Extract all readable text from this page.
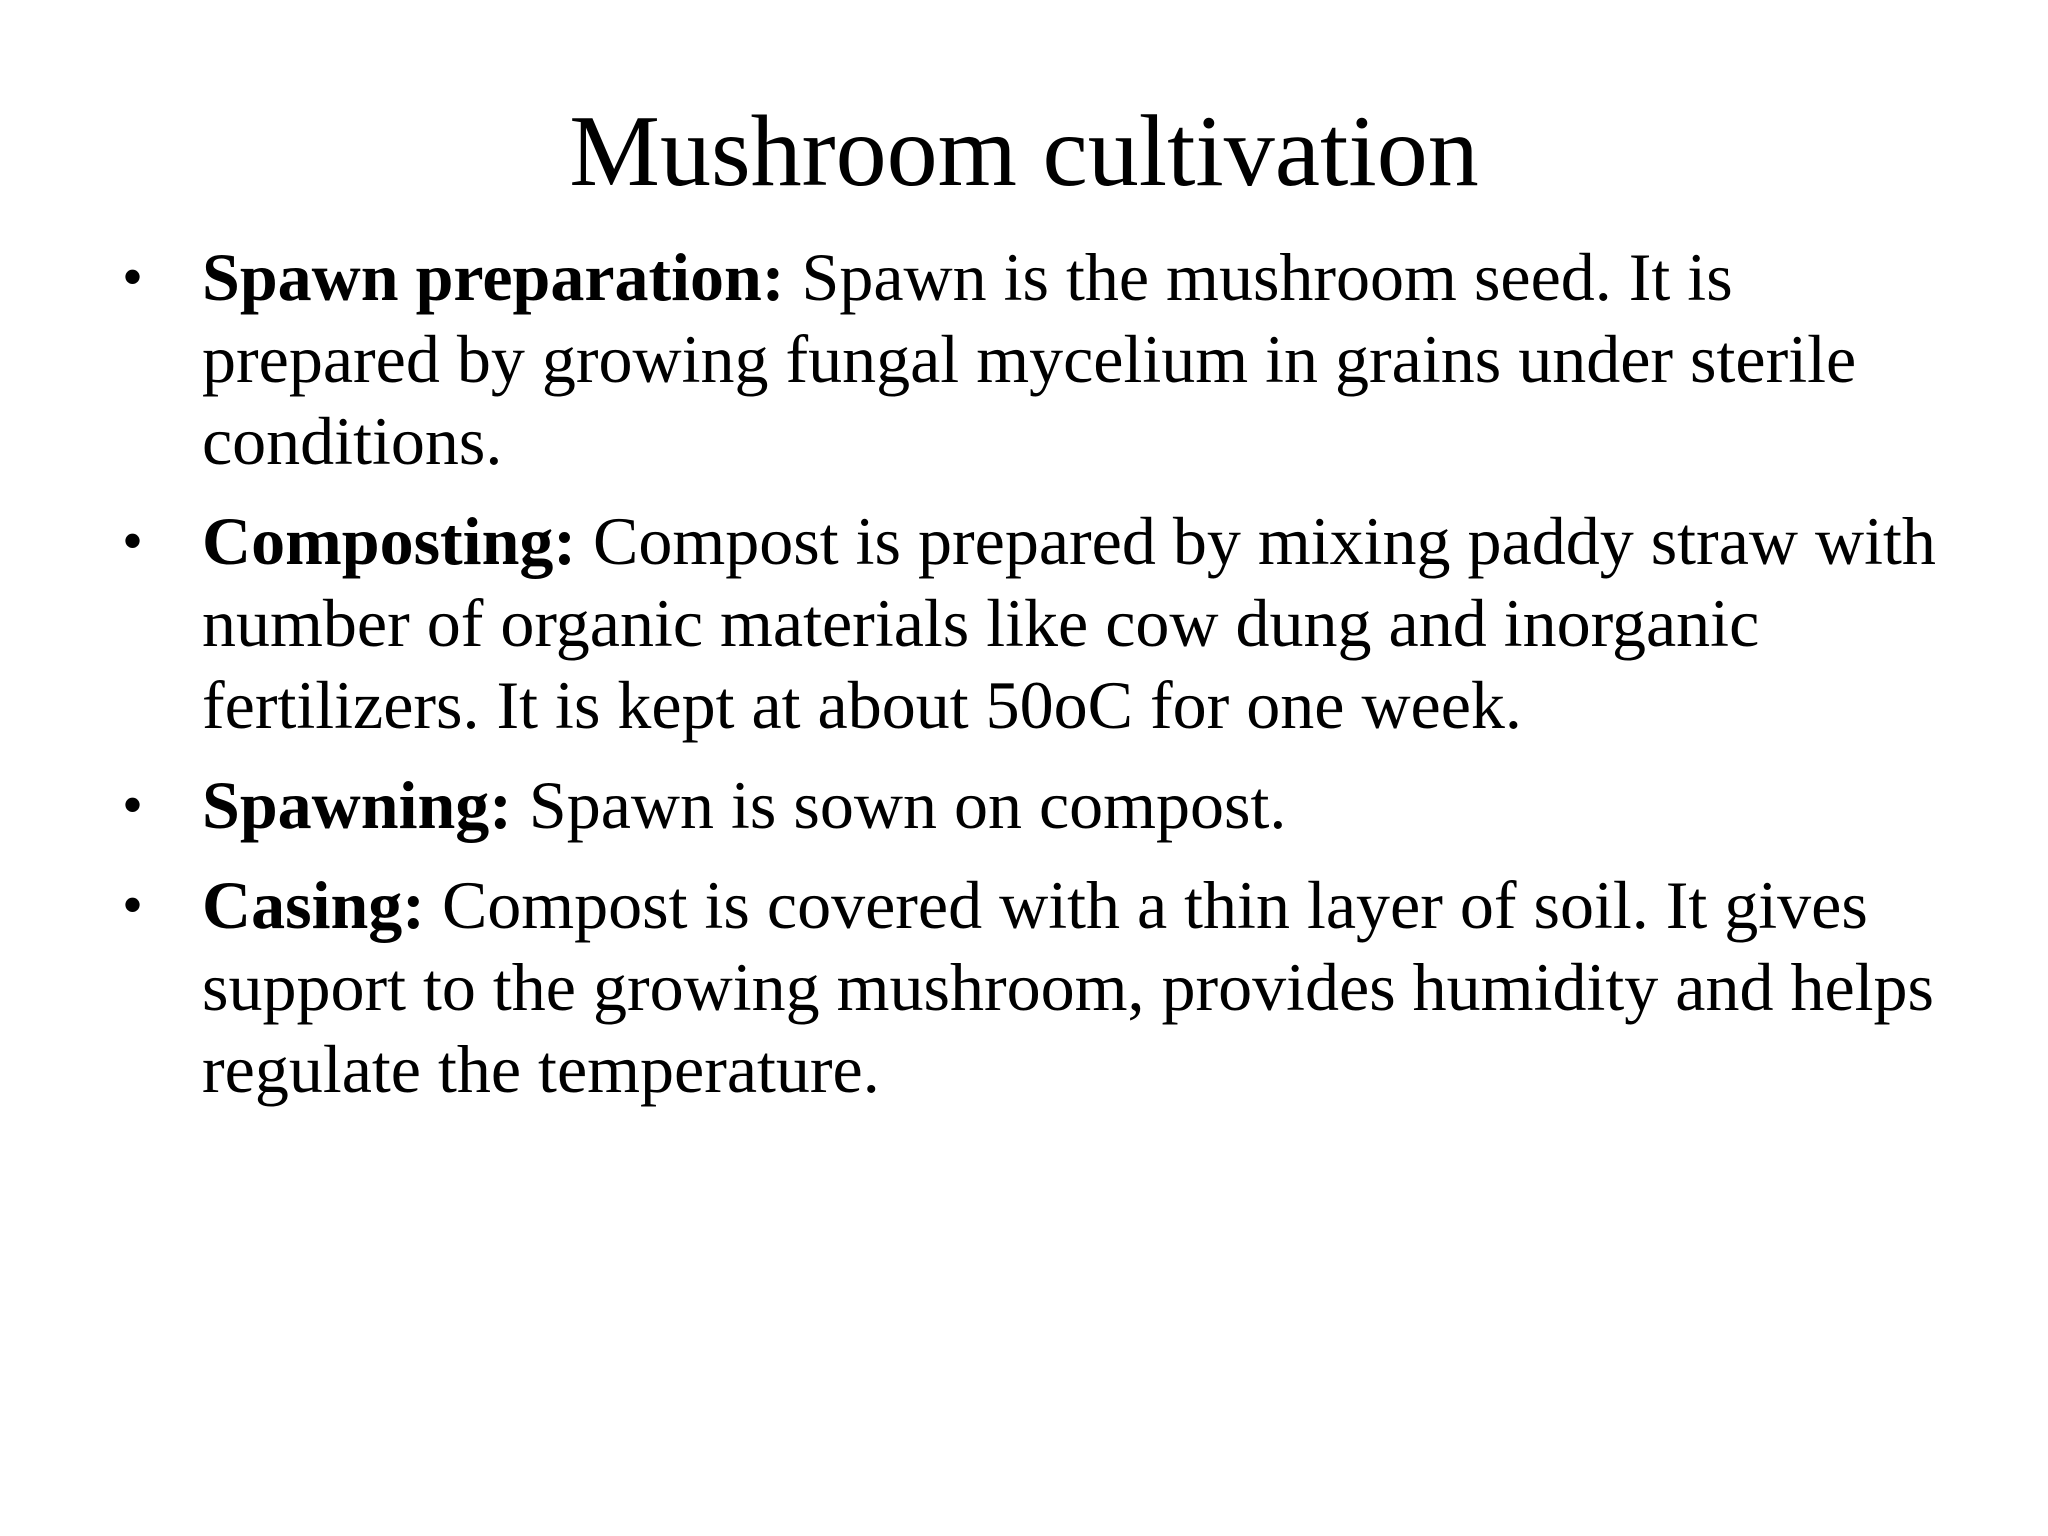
Mushroom cultivation
• Spawn preparation: Spawn is the mushroom seed. It is prepared by growing fungal mycelium in grains under sterile conditions.
• Composting: Compost is prepared by mixing paddy straw with number of organic materials like cow dung and inorganic fertilizers. It is kept at about 50oC for one week.
• Spawning: Spawn is sown on compost.
• Casing: Compost is covered with a thin layer of soil. It gives support to the growing mushroom, provides humidity and helps regulate the temperature.
